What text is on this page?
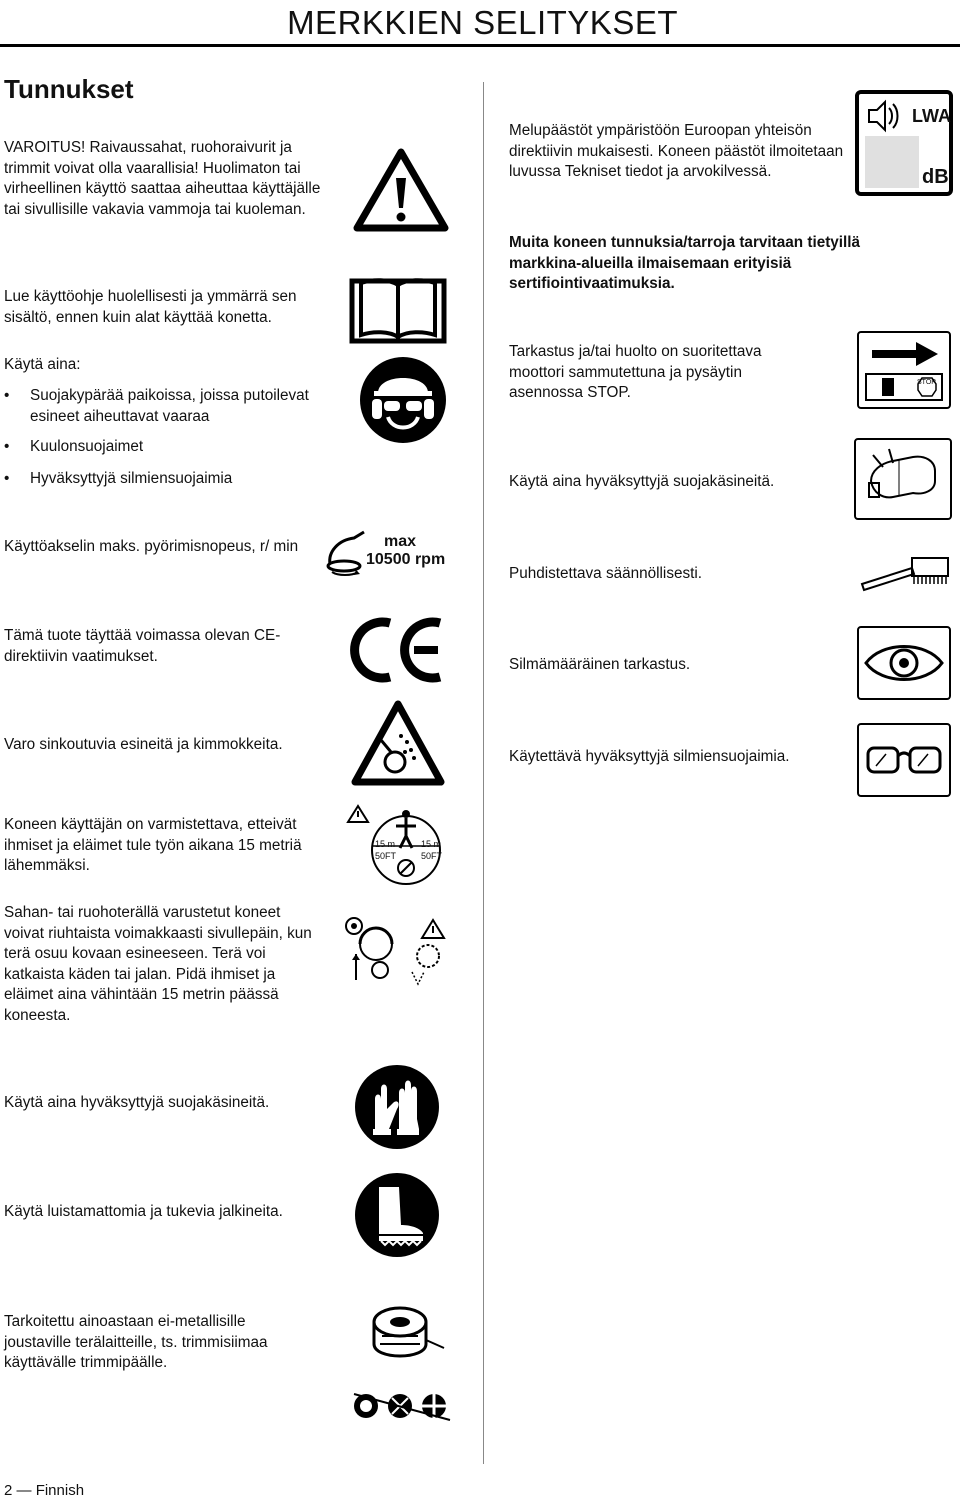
MERKKIEN SELITYKSET
Tunnukset
VAROITUS! Raivaussahat, ruohoraivurit ja trimmit voivat olla vaarallisia! Huolimaton tai virheellinen käyttö saattaa aiheuttaa käyttäjälle tai sivullisille vakavia vammoja tai kuoleman.
Lue käyttöohje huolellisesti ja ymmärrä sen sisältö, ennen kuin alat käyttää konetta.
Käytä aina:
• Suojakypärää paikoissa, joissa putoilevat esineet aiheuttavat vaaraa
• Kuulonsuojaimet
• Hyväksyttyjä silmiensuojaimia
Käyttöakselin maks. pyörimisnopeus, r/ min
Tämä tuote täyttää voimassa olevan CE-direktiivin vaatimukset.
Varo sinkoutuvia esineitä ja kimmokkeita.
Koneen käyttäjän on varmistettava, etteivät ihmiset ja eläimet tule työn aikana 15 metriä lähemmäksi.
Sahan- tai ruohoterällä varustetut koneet voivat riuhtaista voimakkaasti sivullepäin, kun terä osuu kovaan esineeseen. Terä voi katkaista käden tai jalan. Pidä ihmiset ja eläimet aina vähintään 15 metrin päässä koneesta.
Käytä aina hyväksyttyjä suojakäsineitä.
Käytä luistamattomia ja tukevia jalkineita.
Tarkoitettu ainoastaan ei-metallisille joustaville terälaitteille, ts. trimmisiimaa käyttävälle trimmipäälle.
Melupäästöt ympäristöön Euroopan yhteisön direktiivin mukaisesti. Koneen päästöt ilmoitetaan luvussa Tekniset tiedot ja arvokilvessä.
Muita koneen tunnuksia/tarroja tarvitaan tietyillä markkina-alueilla ilmaisemaan erityisiä sertifiointivaatimuksia.
Tarkastus ja/tai huolto on suoritettava moottori sammutettuna ja pysäytin asennossa STOP.
Käytä aina hyväksyttyjä suojakäsineitä.
Puhdistettava säännöllisesti.
Silmämääräinen tarkastus.
Käytettävä hyväksyttyjä silmiensuojaimia.
max
10500 rpm
15 m
50FT
15 m
50FT
LWA
dB
STOP
2 — Finnish
